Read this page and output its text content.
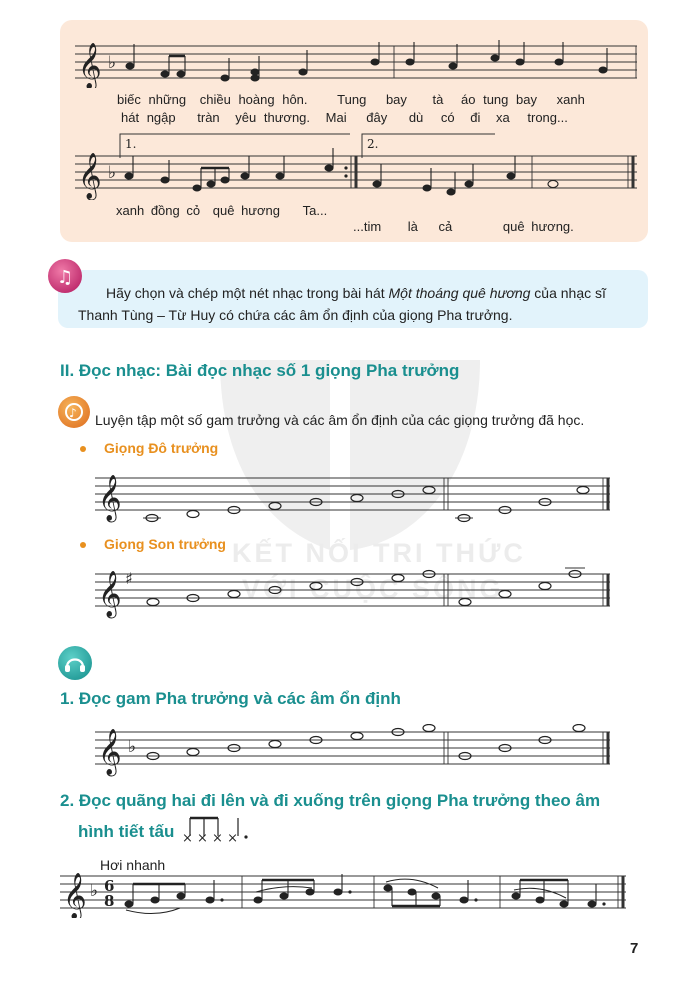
KẾT NỐI TRI THỨC
VỚI CUỘC SỐNG
𝄞 ♭
biếc những chiều hoàng hôn. Tung bay tà áo tung bay xanh
hát ngập tràn yêu thương. Mai đây dù có đi xa trong...
1.	2.
𝄞 ♭
xanh đồng cỏ quê hương Ta...
...tim là cả	quê hương.
♫
Hãy chọn và chép một nét nhạc trong bài hát Một thoáng quê hương của nhạc sĩ Thanh Tùng – Từ Huy có chứa các âm ổn định của giọng Pha trưởng.
II. Đọc nhạc: Bài đọc nhạc số 1 giọng Pha trưởng
♪ Luyện tập một số gam trưởng và các âm ổn định của các giọng trưởng đã học.
Giọng Đô trưởng
𝄞
Giọng Son trưởng
𝄞 ♯
1. Đọc gam Pha trưởng và các âm ổn định
𝄞 ♭
2. Đọc quãng hai đi lên và đi xuống trên giọng Pha trưởng theo âm
hình tiết tấu × × × ×
Hơi nhanh
𝄞 ♭ 6
8
7
